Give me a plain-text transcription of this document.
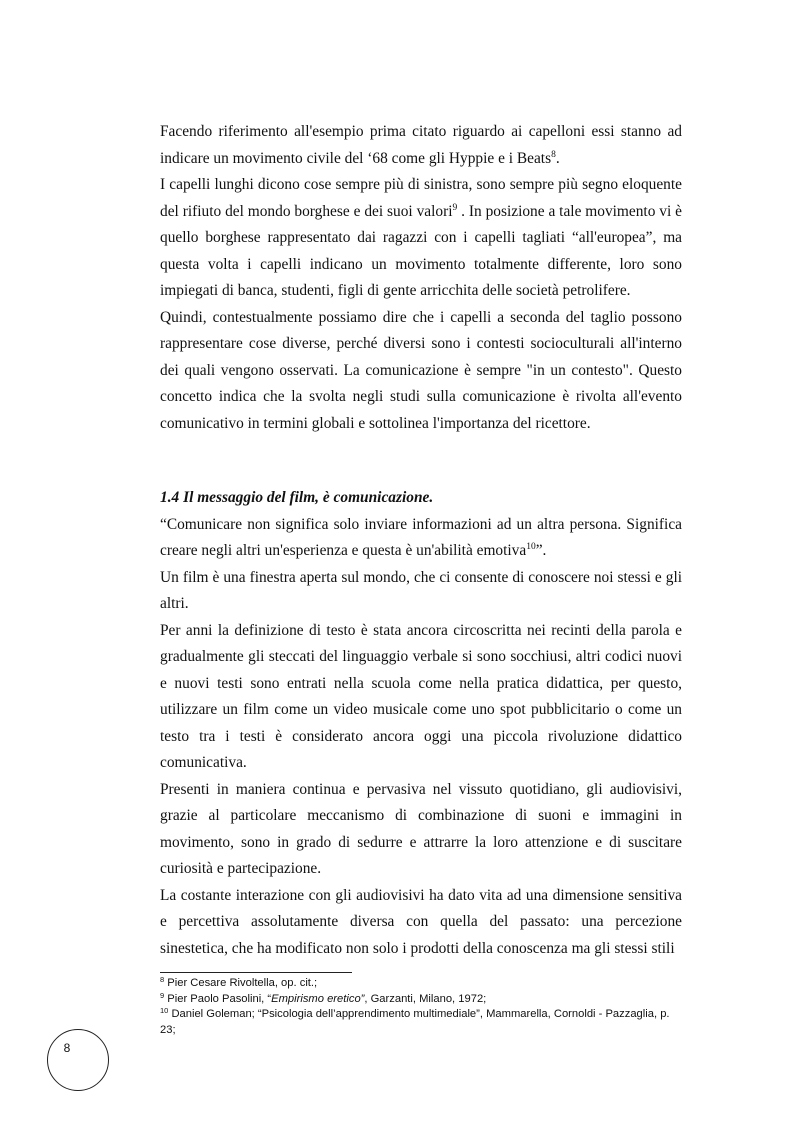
Facendo riferimento all'esempio prima citato riguardo ai capelloni essi stanno ad indicare un movimento civile del ‘68 come gli Hyppie e i Beats$^8$.

I capelli lunghi dicono cose sempre più di sinistra, sono sempre più segno eloquente del rifiuto del mondo borghese e dei suoi valori$^9$ . In posizione a tale movimento vi è quello borghese rappresentato dai ragazzi con i capelli tagliati “all'europea”, ma questa volta i capelli indicano un movimento totalmente differente, loro sono impiegati di banca, studenti, figli di gente arricchita delle società petrolifere.

Quindi, contestualmente possiamo dire che i capelli a seconda del taglio possono rappresentare cose diverse, perché diversi sono i contesti socioculturali all'interno dei quali vengono osservati. La comunicazione è sempre "in un contesto". Questo concetto indica che la svolta negli studi sulla comunicazione è rivolta all'evento comunicativo in termini globali e sottolinea l'importanza del ricettore.

1.4 Il messaggio del film, è comunicazione.

“Comunicare non significa solo inviare informazioni ad un altra persona. Significa creare negli altri un'esperienza e questa è un'abilità emotiva$^{10}$”.

Un film è una finestra aperta sul mondo, che ci consente di conoscere noi stessi e gli altri.

Per anni la definizione di testo è stata ancora circoscritta nei recinti della parola e gradualmente gli steccati del linguaggio verbale si sono socchiusi, altri codici nuovi e nuovi testi sono entrati nella scuola come nella pratica didattica, per questo, utilizzare un film come un video musicale come uno spot pubblicitario o come un testo tra i testi è considerato ancora oggi una piccola rivoluzione didattico comunicativa.

Presenti in maniera continua e pervasiva nel vissuto quotidiano, gli audiovisivi, grazie al particolare meccanismo di combinazione di suoni e immagini in movimento, sono in grado di sedurre e attrarre la loro attenzione e di suscitare curiosità e partecipazione.

La costante interazione con gli audiovisivi ha dato vita ad una dimensione sensitiva e percettiva assolutamente diversa con quella del passato: una percezione sinestetica, che ha modificato non solo i prodotti della conoscenza ma gli stessi stili

$^8$ Pier Cesare Rivoltella, op. cit.;

$^9$ Pier Paolo Pasolini, “Empirismo eretico”, Garzanti, Milano, 1972;

$^{10}$ Daniel Goleman; “Psicologia dell’apprendimento multimediale”, Mammarella, Cornoldi - Pazzaglia, p. 23;

8
